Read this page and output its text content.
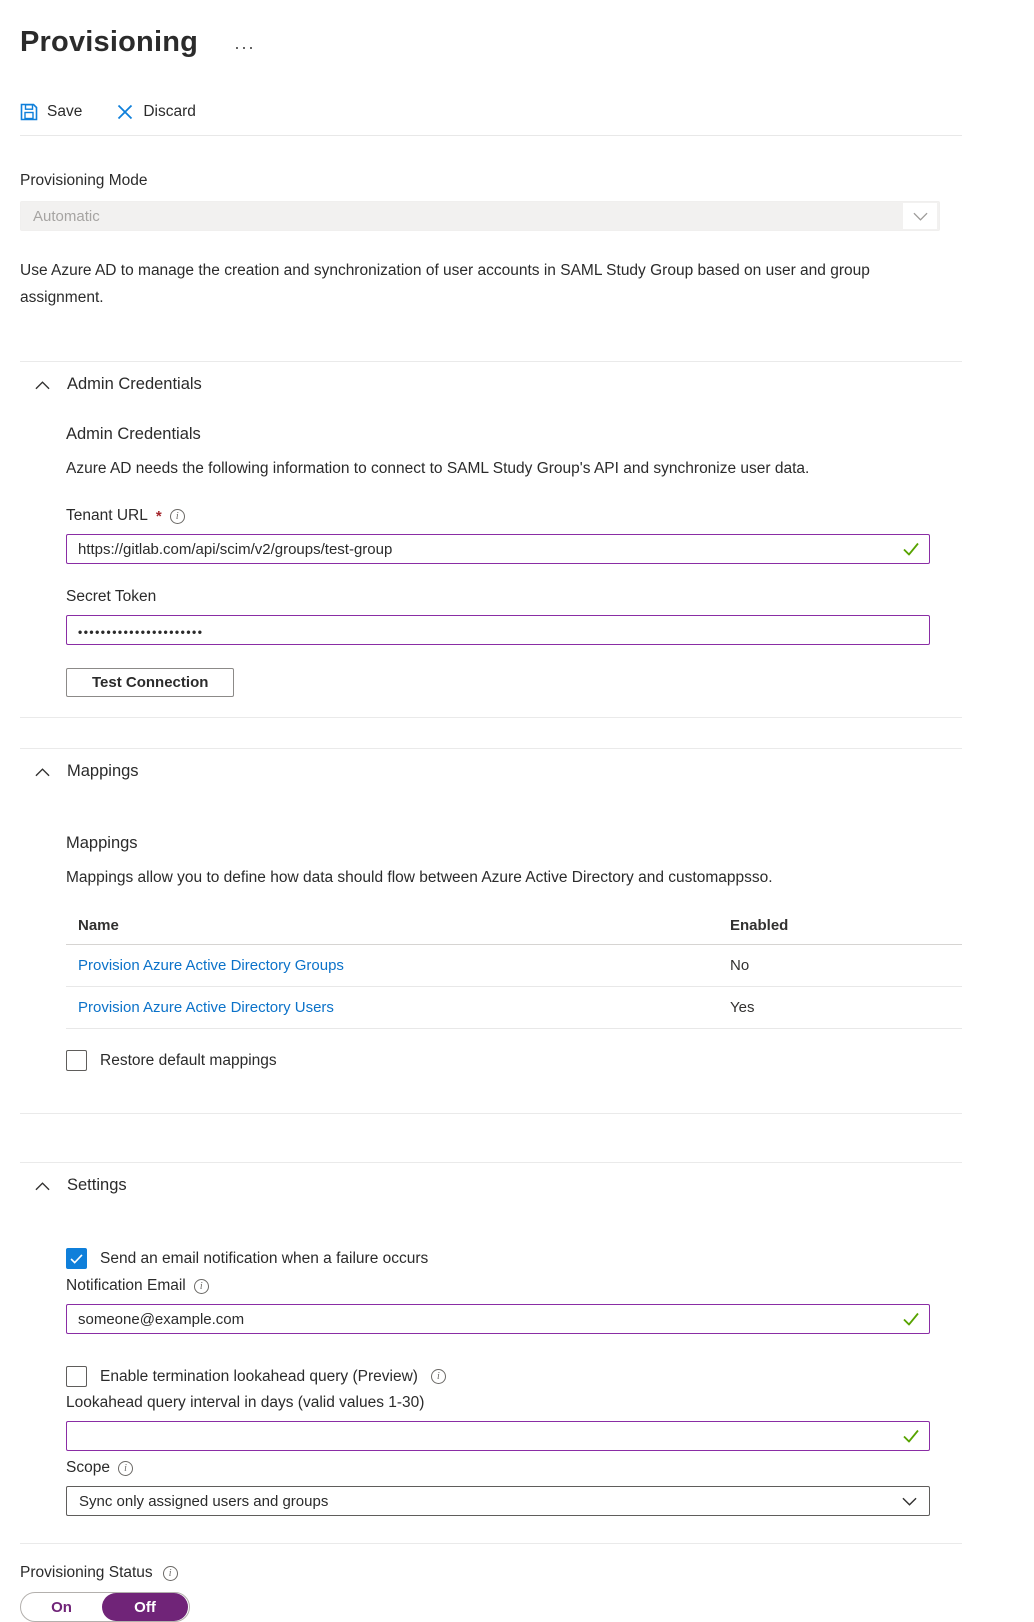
Provisioning ···
Save	Discard
Provisioning Mode
Automatic

Use Azure AD to manage the creation and synchronization of user accounts in SAML Study Group based on user and group assignment.

Admin Credentials
Admin Credentials
Azure AD needs the following information to connect to SAML Study Group's API and synchronize user data.
Tenant URL *	i
https://gitlab.com/api/scim/v2/groups/test-group
Secret Token
••••••••••••••••••••••
Test Connection
Mappings
Mappings
Mappings allow you to define how data should flow between Azure Active Directory and customappsso.
Name	Enabled
Provision Azure Active Directory Groups	No
Provision Azure Active Directory Users	Yes
Restore default mappings
Settings
Send an email notification when a failure occurs
Notification Email	i
someone@example.com
Enable termination lookahead query (Preview)	i
Lookahead query interval in days (valid values 1-30)
Scope	i
Sync only assigned users and groups
Provisioning Status	i
On	Off
